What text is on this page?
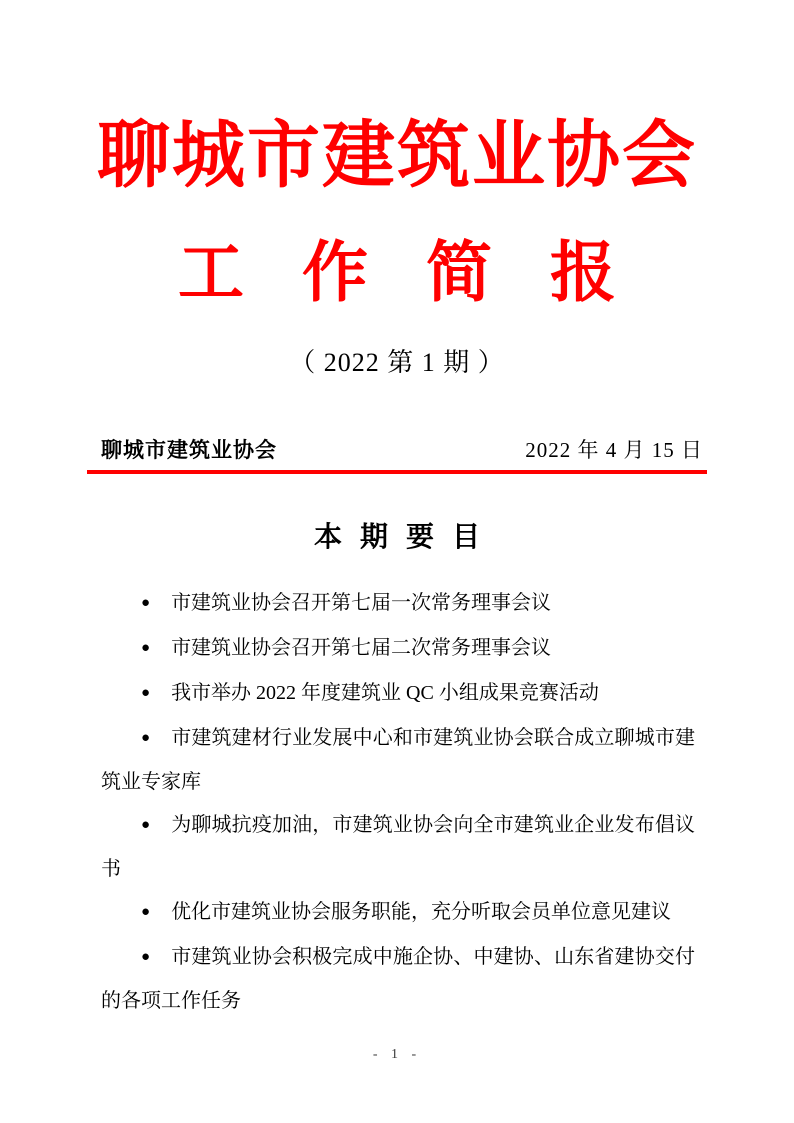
聊城市建筑业协会
工作简报
（ 2022 第 1 期 ）
聊城市建筑业协会	2022 年 4 月 15 日
本期要目

● 市建筑业协会召开第七届一次常务理事会议

● 市建筑业协会召开第七届二次常务理事会议

● 我市举办 2022 年度建筑业 QC 小组成果竞赛活动

● 市建筑建材行业发展中心和市建筑业协会联合成立聊城市建筑业专家库

● 为聊城抗疫加油，市建筑业协会向全市建筑业企业发布倡议书

● 优化市建筑业协会服务职能，充分听取会员单位意见建议

● 市建筑业协会积极完成中施企协、中建协、山东省建协交付的各项工作任务

- 1 -
